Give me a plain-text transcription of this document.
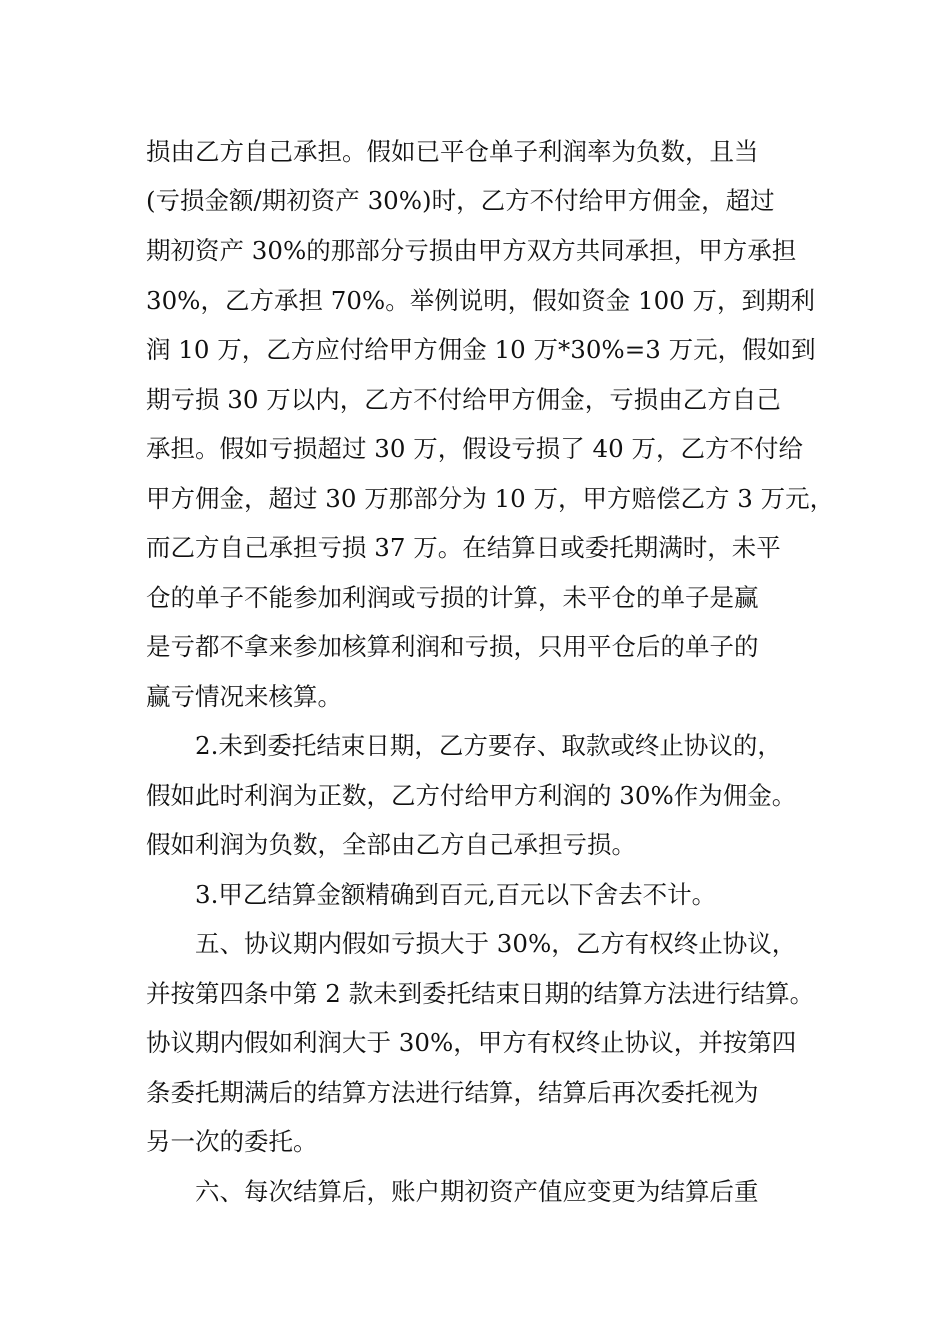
损由乙方自己承担。假如已平仓单子利润率为负数，且当
(亏损金额/期初资产 30%)时，乙方不付给甲方佣金，超过
期初资产 30%的那部分亏损由甲方双方共同承担，甲方承担
30%，乙方承担 70%。举例说明，假如资金 100 万，到期利
润 10 万，乙方应付给甲方佣金 10 万*30%=3 万元，假如到
期亏损 30 万以内，乙方不付给甲方佣金，亏损由乙方自己
承担。假如亏损超过 30 万，假设亏损了 40 万，乙方不付给
甲方佣金，超过 30 万那部分为 10 万，甲方赔偿乙方 3 万元，
而乙方自己承担亏损 37 万。在结算日或委托期满时，未平
仓的单子不能参加利润或亏损的计算，未平仓的单子是赢
是亏都不拿来参加核算利润和亏损，只用平仓后的单子的
赢亏情况来核算。
2.未到委托结束日期，乙方要存、取款或终止协议的，
假如此时利润为正数，乙方付给甲方利润的 30%作为佣金。
假如利润为负数，全部由乙方自己承担亏损。
3.甲乙结算金额精确到百元,百元以下舍去不计。
五、协议期内假如亏损大于 30%，乙方有权终止协议，
并按第四条中第 2 款未到委托结束日期的结算方法进行结算。
协议期内假如利润大于 30%，甲方有权终止协议，并按第四
条委托期满后的结算方法进行结算，结算后再次委托视为
另一次的委托。
六、每次结算后，账户期初资产值应变更为结算后重
